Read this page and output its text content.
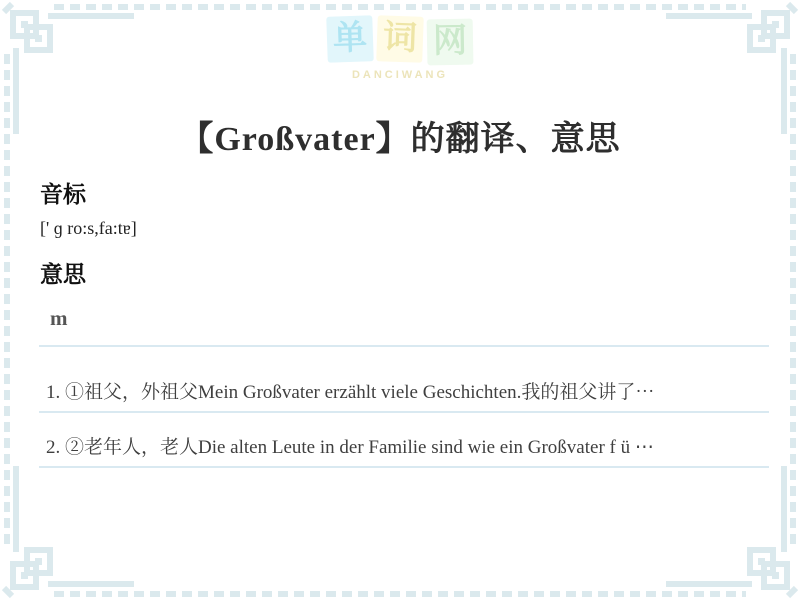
单 词 网
DANCIWANG
【Großvater】的翻译、意思
音标
[' ɡ ro:s,fa:tɐ]
意思
m
1. ①祖父，外祖父Mein Großvater erzählt viele Geschichten.我的祖父讲了⋯
2. ②老年人，老人Die alten Leute in der Familie sind wie ein Großvater f ü ⋯
